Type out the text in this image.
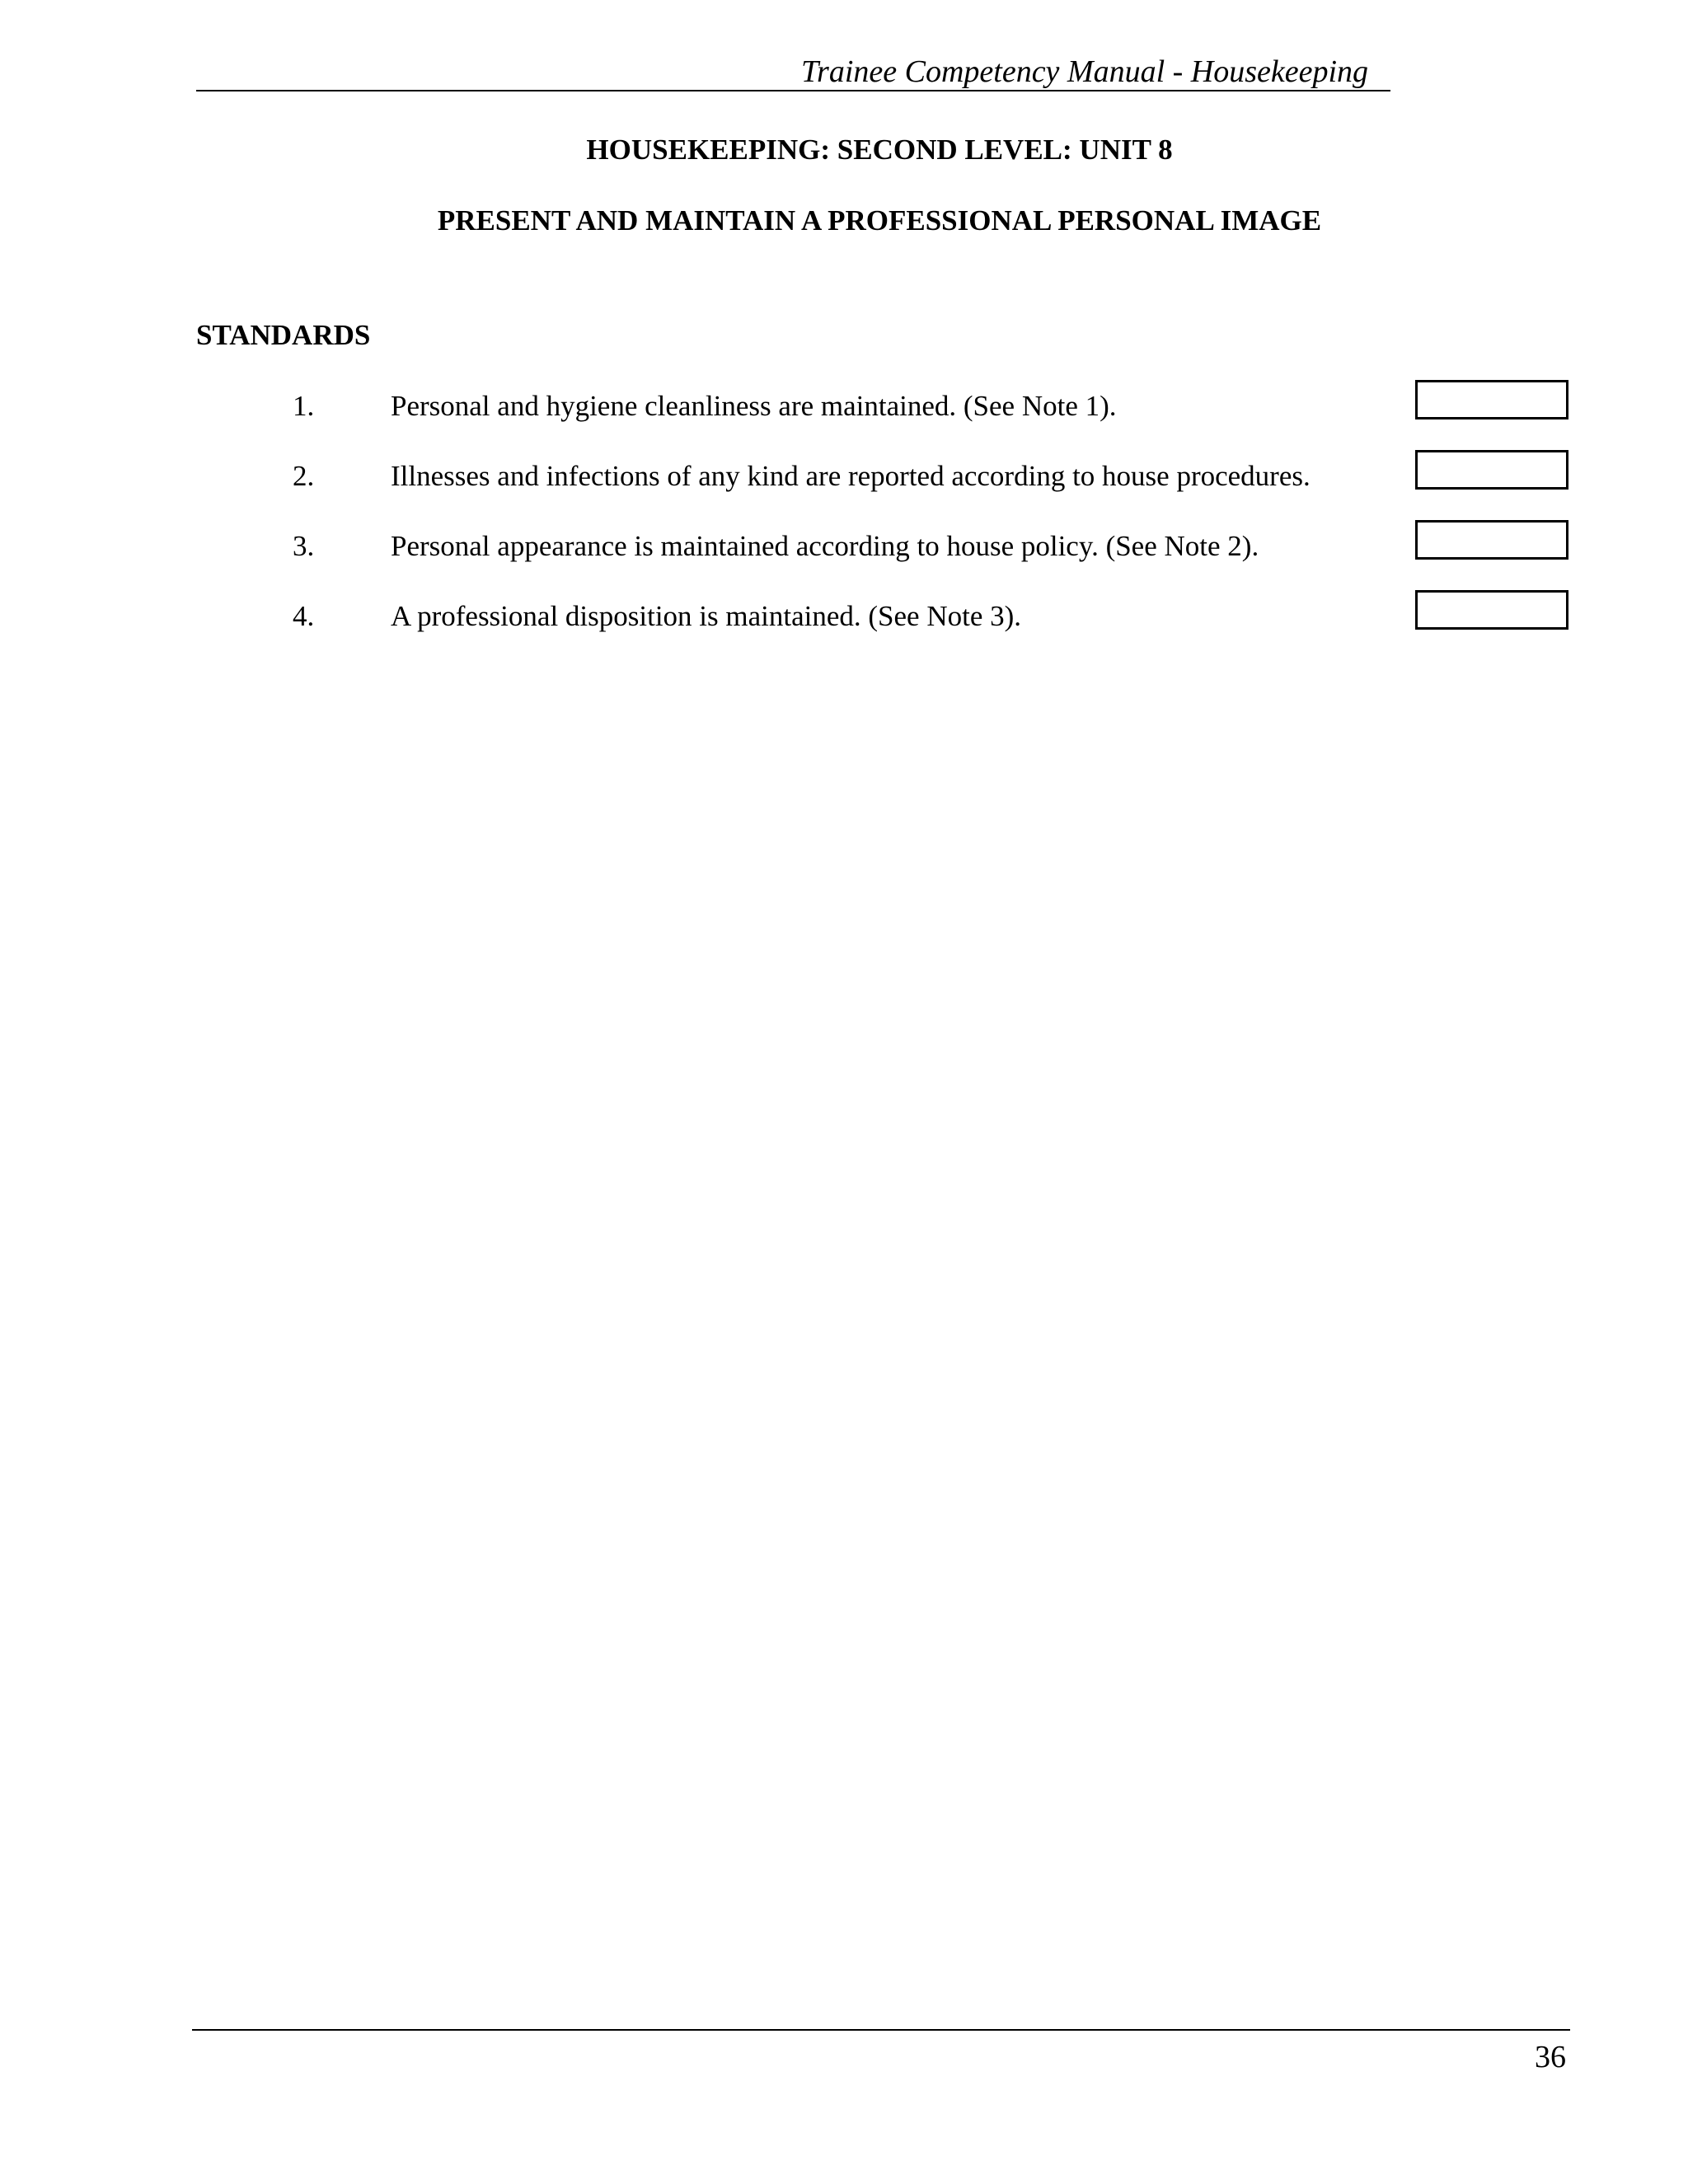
Trainee Competency Manual - Housekeeping
HOUSEKEEPING: SECOND LEVEL: UNIT 8
PRESENT AND MAINTAIN A PROFESSIONAL PERSONAL IMAGE
STANDARDS
1.	Personal and hygiene cleanliness are maintained. (See Note 1).
2.	Illnesses and infections of any kind are reported according to house procedures.
3.	Personal appearance is maintained according to house policy. (See Note 2).
4.	A professional disposition is maintained. (See Note 3).
36
